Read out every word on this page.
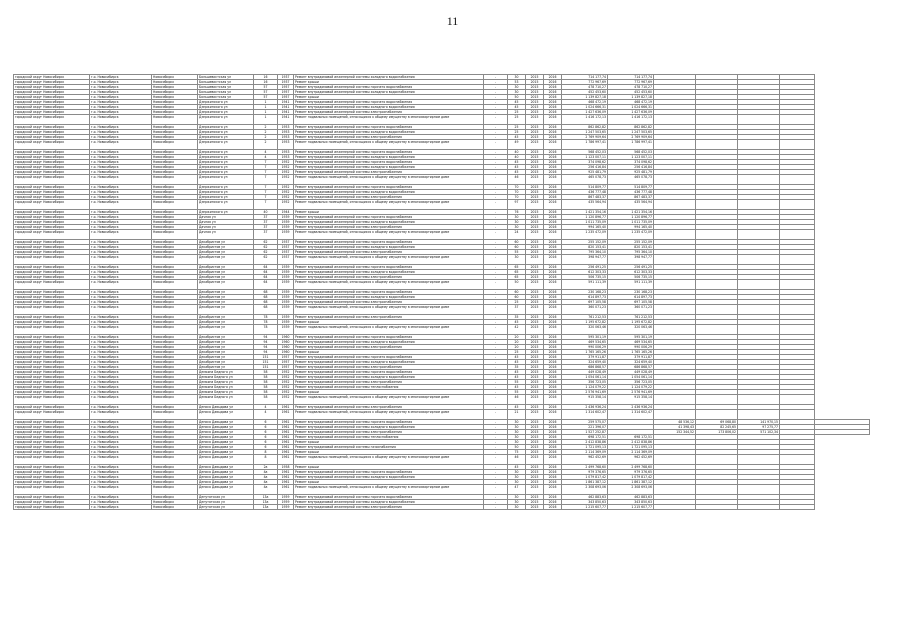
11
городской округ Новосибирск	г.о. Новосибирск	Новосибирск	Большевистская ул	16	1937	Ремонт внутридомовой инженерной системы холодного водоснабжения	-	30	2015	2016	714 177,74	714 177,74					
городской округ Новосибирск	г.о. Новосибирск	Новосибирск	Большевистская ул	16	1937	Ремонт крыши	-	53	2015	2016	772 967,69	772 967,69					
городской округ Новосибирск	г.о. Новосибирск	Новосибирск	Большевистская ул	57	1957	Ремонт внутридомовой инженерной системы горячего водоснабжения	-	30	2015	2016	478 710,27	478 710,27					
городской округ Новосибирск	г.о. Новосибирск	Новосибирск	Большевистская ул	57	1957	Ремонт внутридомовой инженерной системы холодного водоснабжения	-	30	2015	2016	452 453,60	452 453,60					
городской округ Новосибирск	г.о. Новосибирск	Новосибирск	Большевистская ул	57	1957	Ремонт крыши	-	50	2015	2016	1 139 827,18	1 139 827,18					
городской округ Новосибирск	г.о. Новосибирск	Новосибирск	Дзержинского ул	1	1941	Ремонт внутридомовой инженерной системы горячего водоснабжения	-	45	2015	2016	468 472,19	468 472,19					
городской округ Новосибирск	г.о. Новосибирск	Новосибирск	Дзержинского ул	1	1941	Ремонт внутридомовой инженерной системы холодного водоснабжения	-	45	2015	2016	1 024 666,31	1 024 666,31					
городской округ Новосибирск	г.о. Новосибирск	Новосибирск	Дзержинского ул	1	1941	Ремонт внутридомовой инженерной системы электроснабжения	-	25	2015	2016	1 427 636,09	1 427 636,09					
городской округ Новосибирск	г.о. Новосибирск	Новосибирск	Дзержинского ул	1	1941	Ремонт подвальных помещений, относящихся к общему имуществу в многоквартирном доме	-	25	2015	2016	1 416 172,13	1 416 172,13					
городской округ Новосибирск	г.о. Новосибирск	Новосибирск	Дзержинского ул	2	1953	Ремонт внутридомовой инженерной системы горячего водоснабжения	-	25	2015	2016	862 862,82	862 862,82					
городской округ Новосибирск	г.о. Новосибирск	Новосибирск	Дзержинского ул	2	1953	Ремонт внутридомовой инженерной системы холодного водоснабжения	-	25	2015	2016	1 247 503,65	1 247 503,65					
городской округ Новосибирск	г.о. Новосибирск	Новосибирск	Дзержинского ул	2	1953	Ремонт внутридомовой инженерной системы электроснабжения	-	45	2015	2016	2 769 909,64	2 769 909,64					
городской округ Новосибирск	г.о. Новосибирск	Новосибирск	Дзержинского ул	2	1953	Ремонт подвальных помещений, относящихся к общему имуществу в многоквартирном доме	-	49	2015	2016	1 786 997,41	1 786 997,41					
городской округ Новосибирск	г.о. Новосибирск	Новосибирск	Дзержинского ул	4	1953	Ремонт внутридомовой инженерной системы горячего водоснабжения	-	40	2015	2016	568 452,03	568 452,03					
городской округ Новосибирск	г.о. Новосибирск	Новосибирск	Дзержинского ул	4	1953	Ремонт внутридомовой инженерной системы холодного водоснабжения	-	40	2015	2016	1 123 007,11	1 123 007,11					
городской округ Новосибирск	г.о. Новосибирск	Новосибирск	Дзержинского ул	7	1952	Ремонт внутридомовой инженерной системы горячего водоснабжения	-	45	2015	2016	374 098,62	374 098,62					
городской округ Новосибирск	г.о. Новосибирск	Новосибирск	Дзержинского ул	7	1952	Ремонт внутридомовой инженерной системы холодного водоснабжения	-	45	2015	2016	256 416,84	256 416,84					
городской округ Новосибирск	г.о. Новосибирск	Новосибирск	Дзержинского ул	7	1952	Ремонт внутридомовой инженерной системы электроснабжения	-	45	2015	2016	925 481,79	925 481,79					
городской округ Новосибирск	г.о. Новосибирск	Новосибирск	Дзержинского ул	7	1952	Ремонт подвальных помещений, относящихся к общему имуществу в многоквартирном доме	-	46	2015	2016	465 078,73	465 078,73					
городской округ Новосибирск	г.о. Новосибирск	Новосибирск	Дзержинского ул	7	1952	Ремонт внутридомовой инженерной системы горячего водоснабжения	-	70	2015	2016	514 809,77	514 809,77					
городской округ Новосибирск	г.о. Новосибирск	Новосибирск	Дзержинского ул	7	1952	Ремонт внутридомовой инженерной системы холодного водоснабжения	-	70	2015	2016	436 777,48	436 777,48					
городской округ Новосибирск	г.о. Новосибирск	Новосибирск	Дзержинского ул	7	1952	Ремонт внутридомовой инженерной системы электроснабжения	-	70	2015	2016	867 483,37	867 483,37					
городской округ Новосибирск	г.о. Новосибирск	Новосибирск	Дзержинского ул	7	1952	Ремонт подвальных помещений, относящихся к общему имуществу в многоквартирном доме	-	97	2015	2016	435 564,94	435 564,94					
городской округ Новосибирск	г.о. Новосибирск	Новосибирск	Дзержинского ул	40	1944	Ремонт крыши	-	76	2015	2016	1 421 354,16	1 421 354,16					
городской округ Новосибирск	г.о. Новосибирск	Новосибирск	Дачная ул	37	1939	Ремонт внутридомовой инженерной системы горячего водоснабжения	-	30	2015	2016	1 120 896,77	1 120 896,77					
городской округ Новосибирск	г.о. Новосибирск	Новосибирск	Дачная ул	37	1939	Ремонт внутридомовой инженерной системы холодного водоснабжения	-	30	2015	2016	1 011 735,09	1 011 735,09					
городской округ Новосибирск	г.о. Новосибирск	Новосибирск	Дачная ул	37	1939	Ремонт внутридомовой инженерной системы электроснабжения	-	30	2015	2016	994 165,40	994 165,40					
городской округ Новосибирск	г.о. Новосибирск	Новосибирск	Дачная ул	37	1939	Ремонт подвальных помещений, относящихся к общему имуществу в многоквартирном доме	-	24	2015	2016	1 235 472,09	1 235 472,09					
городской округ Новосибирск	г.о. Новосибирск	Новосибирск	Декабристов ул	62	1937	Ремонт внутридомовой инженерной системы горячего водоснабжения	-	60	2015	2016	255 152,09	255 152,09					
городской округ Новосибирск	г.о. Новосибирск	Новосибирск	Декабристов ул	62	1937	Ремонт внутридомовой инженерной системы холодного водоснабжения	-	60	2015	2016	820 153,41	820 153,41					
городской округ Новосибирск	г.о. Новосибирск	Новосибирск	Декабристов ул	62	1937	Ремонт внутридомовой инженерной системы электроснабжения	-	55	2015	2016	795 364,10	795 364,10					
городской округ Новосибирск	г.о. Новосибирск	Новосибирск	Декабристов ул	62	1937	Ремонт подвальных помещений, относящихся к общему имуществу в многоквартирном доме	-	30	2015	2016	398 947,77	398 947,77					
городской округ Новосибирск	г.о. Новосибирск	Новосибирск	Декабристов ул	64	1939	Ремонт внутридомовой инженерной системы горячего водоснабжения	-	65	2015	2016	256 491,25	256 491,25					
городской округ Новосибирск	г.о. Новосибирск	Новосибирск	Декабристов ул	64	1939	Ремонт внутридомовой инженерной системы холодного водоснабжения	-	65	2015	2016	612 303,33	612 303,33					
городской округ Новосибирск	г.о. Новосибирск	Новосибирск	Декабристов ул	64	1939	Ремонт внутридомовой инженерной системы электроснабжения	-	65	2015	2016	506 735,15	506 735,15					
городской округ Новосибирск	г.о. Новосибирск	Новосибирск	Декабристов ул	64	1939	Ремонт подвальных помещений, относящихся к общему имуществу в многоквартирном доме	-	50	2015	2016	591 111,39	591 111,39					
городской округ Новосибирск	г.о. Новосибирск	Новосибирск	Декабристов ул	68	1939	Ремонт внутридомовой инженерной системы горячего водоснабжения	-	60	2015	2016	230 168,23	230 168,23					
городской округ Новосибирск	г.о. Новосибирск	Новосибирск	Декабристов ул	68	1939	Ремонт внутридомовой инженерной системы холодного водоснабжения	-	60	2015	2016	614 897,73	614 897,73					
городской округ Новосибирск	г.о. Новосибирск	Новосибирск	Декабристов ул	68	1939	Ремонт внутридомовой инженерной системы электроснабжения	-	25	2015	2016	697 105,58	697 105,58					
городской округ Новосибирск	г.о. Новосибирск	Новосибирск	Декабристов ул	68	1939	Ремонт подвальных помещений, относящихся к общему имуществу в многоквартирном доме	-	37	2015	2016	360 071,23	360 071,23					
городской округ Новосибирск	г.о. Новосибирск	Новосибирск	Декабристов ул	78	1939	Ремонт внутридомовой инженерной системы электроснабжения	-	35	2015	2016	761 212,53	761 212,53					
городской округ Новосибирск	г.о. Новосибирск	Новосибирск	Декабристов ул	78	1939	Ремонт крыши	-	45	2015	2016	1 195 672,82	1 195 672,82					
городской округ Новосибирск	г.о. Новосибирск	Новосибирск	Декабристов ул	78	1939	Ремонт подвальных помещений, относящихся к общему имуществу в многоквартирном доме	-	42	2015	2016	320 063,46	320 063,46					
городской округ Новосибирск	г.о. Новосибирск	Новосибирск	Декабристов ул	94	1960	Ремонт внутридомовой инженерной системы горячего водоснабжения	-	20	2015	2016	595 301,19	595 301,19					
городской округ Новосибирск	г.о. Новосибирск	Новосибирск	Декабристов ул	94	1960	Ремонт внутридомовой инженерной системы холодного водоснабжения	-	20	2015	2016	469 534,65	469 534,65					
городской округ Новосибирск	г.о. Новосибирск	Новосибирск	Декабристов ул	94	1960	Ремонт внутридомовой инженерной системы электроснабжения	-	20	2015	2016	990 006,29	990 006,29					
городской округ Новосибирск	г.о. Новосибирск	Новосибирск	Декабристов ул	94	1960	Ремонт крыши	-	25	2015	2016	1 765 165,26	1 765 165,26					
городской округ Новосибирск	г.о. Новосибирск	Новосибирск	Декабристов ул	151	1957	Ремонт внутридомовой инженерной системы горячего водоснабжения	-	45	2015	2016	379 911,87	379 911,87					
городской округ Новосибирск	г.о. Новосибирск	Новосибирск	Декабристов ул	151	1957	Ремонт внутридомовой инженерной системы холодного водоснабжения	-	45	2015	2016	324 659,40	324 659,40					
городской округ Новосибирск	г.о. Новосибирск	Новосибирск	Декабристов ул	151	1957	Ремонт внутридомовой инженерной системы электроснабжения	-	35	2015	2016	686 868,57	686 868,57					
городской округ Новосибирск	г.о. Новосибирск	Новосибирск	Демьяна Бедного ул	58	1952	Ремонт внутридомовой инженерной системы горячего водоснабжения	-	45	2015	2016	449 028,49	449 028,49					
городской округ Новосибирск	г.о. Новосибирск	Новосибирск	Демьяна Бедного ул	58	1952	Ремонт внутридомовой инженерной системы холодного водоснабжения	-	45	2015	2016	1 054 061,14	1 054 061,14					
городской округ Новосибирск	г.о. Новосибирск	Новосибирск	Демьяна Бедного ул	58	1952	Ремонт внутридомовой инженерной системы электроснабжения	-	55	2015	2016	356 723,05	356 723,05					
городской округ Новосибирск	г.о. Новосибирск	Новосибирск	Демьяна Бедного ул	58	1952	Ремонт внутридомовой инженерной системы теплоснабжения	-	45	2015	2016	1 124 079,22	1 124 079,22					
городской округ Новосибирск	г.о. Новосибирск	Новосибирск	Демьяна Бедного ул	58	1952	Ремонт крыши	-	55	2015	2016	2 576 941,69	2 576 941,69					
городской округ Новосибирск	г.о. Новосибирск	Новосибирск	Демьяна Бедного ул	58	1952	Ремонт подвальных помещений, относящихся к общему имуществу в многоквартирном доме	-	46	2015	2016	915 358,14	915 358,14					
городской округ Новосибирск	г.о. Новосибирск	Новосибирск	Дениса Давыдова ул	4	1961	Ремонт внутридомовой инженерной системы электроснабжения	-	45	2015	2016	2 436 936,24	2 436 936,24					
городской округ Новосибирск	г.о. Новосибирск	Новосибирск	Дениса Давыдова ул	4	1961	Ремонт подвальных помещений, относящихся к общему имуществу в многоквартирном доме	-	21	2015	2016	1 314 602,47	1 314 602,47					
городской округ Новосибирск	г.о. Новосибирск	Новосибирск	Дениса Давыдова ул	6	1961	Ремонт внутридомовой инженерной системы горячего водоснабжения	-	30	2015	2016	259 575,07		48 536,12	69 068,80	141 970,15		
городской округ Новосибирск	г.о. Новосибирск	Новосибирск	Дениса Давыдова ул	6	1961	Ремонт внутридомовой инженерной системы холодного водоснабжения	-	30	2015	2016	221 396,07		41 398,43	82 245,65	97 275,77		
городской округ Новосибирск	г.о. Новосибирск	Новосибирск	Дениса Давыдова ул	6	1961	Ремонт внутридомовой инженерной системы электроснабжения	-	30	2015	2016	1 527 252,87		152 344,52	173 806,02	571 102,34		
городской округ Новосибирск	г.о. Новосибирск	Новосибирск	Дениса Давыдова ул	6	1961	Ремонт внутридомовой инженерной системы теплоснабжения	-	30	2015	2016	698 172,51	698 172,51					
городской округ Новосибирск	г.о. Новосибирск	Новосибирск	Дениса Давыдова ул	6	1961	Ремонт крыши	-	30	2015	2016	2 412 838,86	2 412 838,86					
городской округ Новосибирск	г.о. Новосибирск	Новосибирск	Дениса Давыдова ул	6	1961	Ремонт внутридомовой инженерной системы газоснабжения	-	50	2015	2016	1 721 095,13	1 721 095,13					
городской округ Новосибирск	г.о. Новосибирск	Новосибирск	Дениса Давыдова ул	8	1961	Ремонт крыши	-	75	2015	2016	2 114 369,09	2 114 369,09					
городской округ Новосибирск	г.о. Новосибирск	Новосибирск	Дениса Давыдова ул	8	1961	Ремонт подвальных помещений, относящихся к общему имуществу в многоквартирном доме	-	46	2015	2016	962 452,69	962 452,69					
городской округ Новосибирск	г.о. Новосибирск	Новосибирск	Дениса Давыдова ул	2а	1958	Ремонт крыши	-	45	2015	2016	2 499 768,60	2 499 768,60					
городской округ Новосибирск	г.о. Новосибирск	Новосибирск	Дениса Давыдова ул	4а	1961	Ремонт внутридомовой инженерной системы горячего водоснабжения	-	30	2015	2016	979 376,65	979 376,65					
городской округ Новосибирск	г.о. Новосибирск	Новосибирск	Дениса Давыдова ул	4а	1961	Ремонт внутридомовой инженерной системы холодного водоснабжения	-	30	2015	2016	1 079 817,42	1 079 817,42					
городской округ Новосибирск	г.о. Новосибирск	Новосибирск	Дениса Давыдова ул	4а	1961	Ремонт крыши	-	30	2015	2016	1 861 387,12	1 861 387,12					
городской округ Новосибирск	г.о. Новосибирск	Новосибирск	Дениса Давыдова ул	4а	1961	Ремонт подвальных помещений, относящихся к общему имуществу в многоквартирном доме	-	47	2015	2016	2 308 693,06	2 308 693,06					
городской округ Новосибирск	г.о. Новосибирск	Новосибирск	Депутатская ул	13а	1959	Ремонт внутридомовой инженерной системы горячего водоснабжения	-	30	2015	2016	462 883,63	462 883,63					
городской округ Новосибирск	г.о. Новосибирск	Новосибирск	Депутатская ул	13а	1959	Ремонт внутридомовой инженерной системы холодного водоснабжения	-	30	2015	2016	343 850,63	343 850,63					
городской округ Новосибирск	г.о. Новосибирск	Новосибирск	Депутатская ул	13а	1959	Ремонт внутридомовой инженерной системы электроснабжения	-	30	2015	2016	1 215 607,77	1 215 607,77					
